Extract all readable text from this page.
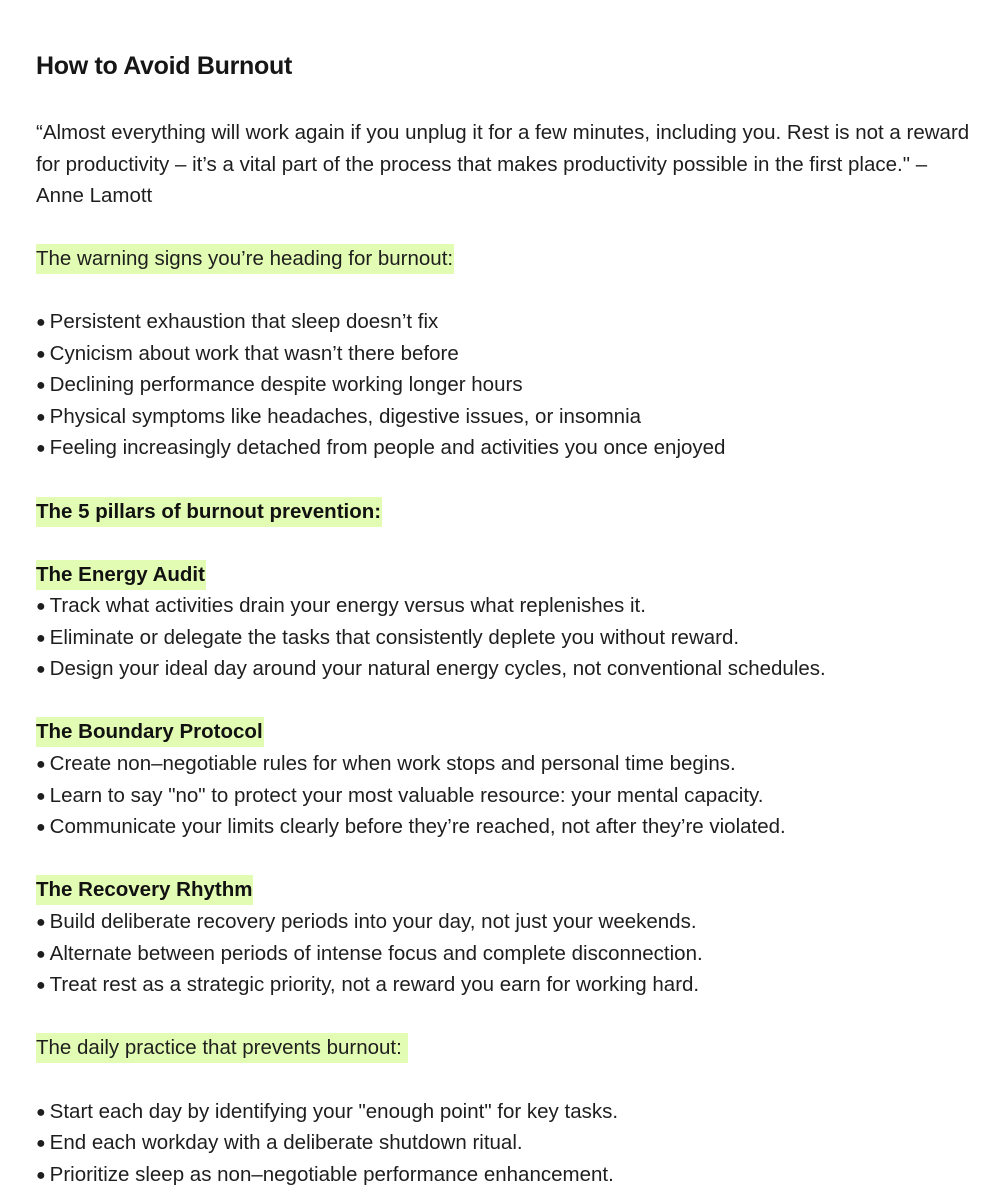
How to Avoid Burnout
“Almost everything will work again if you unplug it for a few minutes, including you. Rest is not a reward for productivity – it’s a vital part of the process that makes productivity possible in the first place." – Anne Lamott
The warning signs you’re heading for burnout:
● Persistent exhaustion that sleep doesn’t fix
● Cynicism about work that wasn’t there before
● Declining performance despite working longer hours
● Physical symptoms like headaches, digestive issues, or insomnia
● Feeling increasingly detached from people and activities you once enjoyed
The 5 pillars of burnout prevention:
The Energy Audit
● Track what activities drain your energy versus what replenishes it.
● Eliminate or delegate the tasks that consistently deplete you without reward.
● Design your ideal day around your natural energy cycles, not conventional schedules.
The Boundary Protocol
● Create non–negotiable rules for when work stops and personal time begins.
● Learn to say "no" to protect your most valuable resource: your mental capacity.
● Communicate your limits clearly before they’re reached, not after they’re violated.
The Recovery Rhythm
● Build deliberate recovery periods into your day, not just your weekends.
● Alternate between periods of intense focus and complete disconnection.
● Treat rest as a strategic priority, not a reward you earn for working hard.
The daily practice that prevents burnout:
● Start each day by identifying your "enough point" for key tasks.
● End each workday with a deliberate shutdown ritual.
● Prioritize sleep as non–negotiable performance enhancement.
